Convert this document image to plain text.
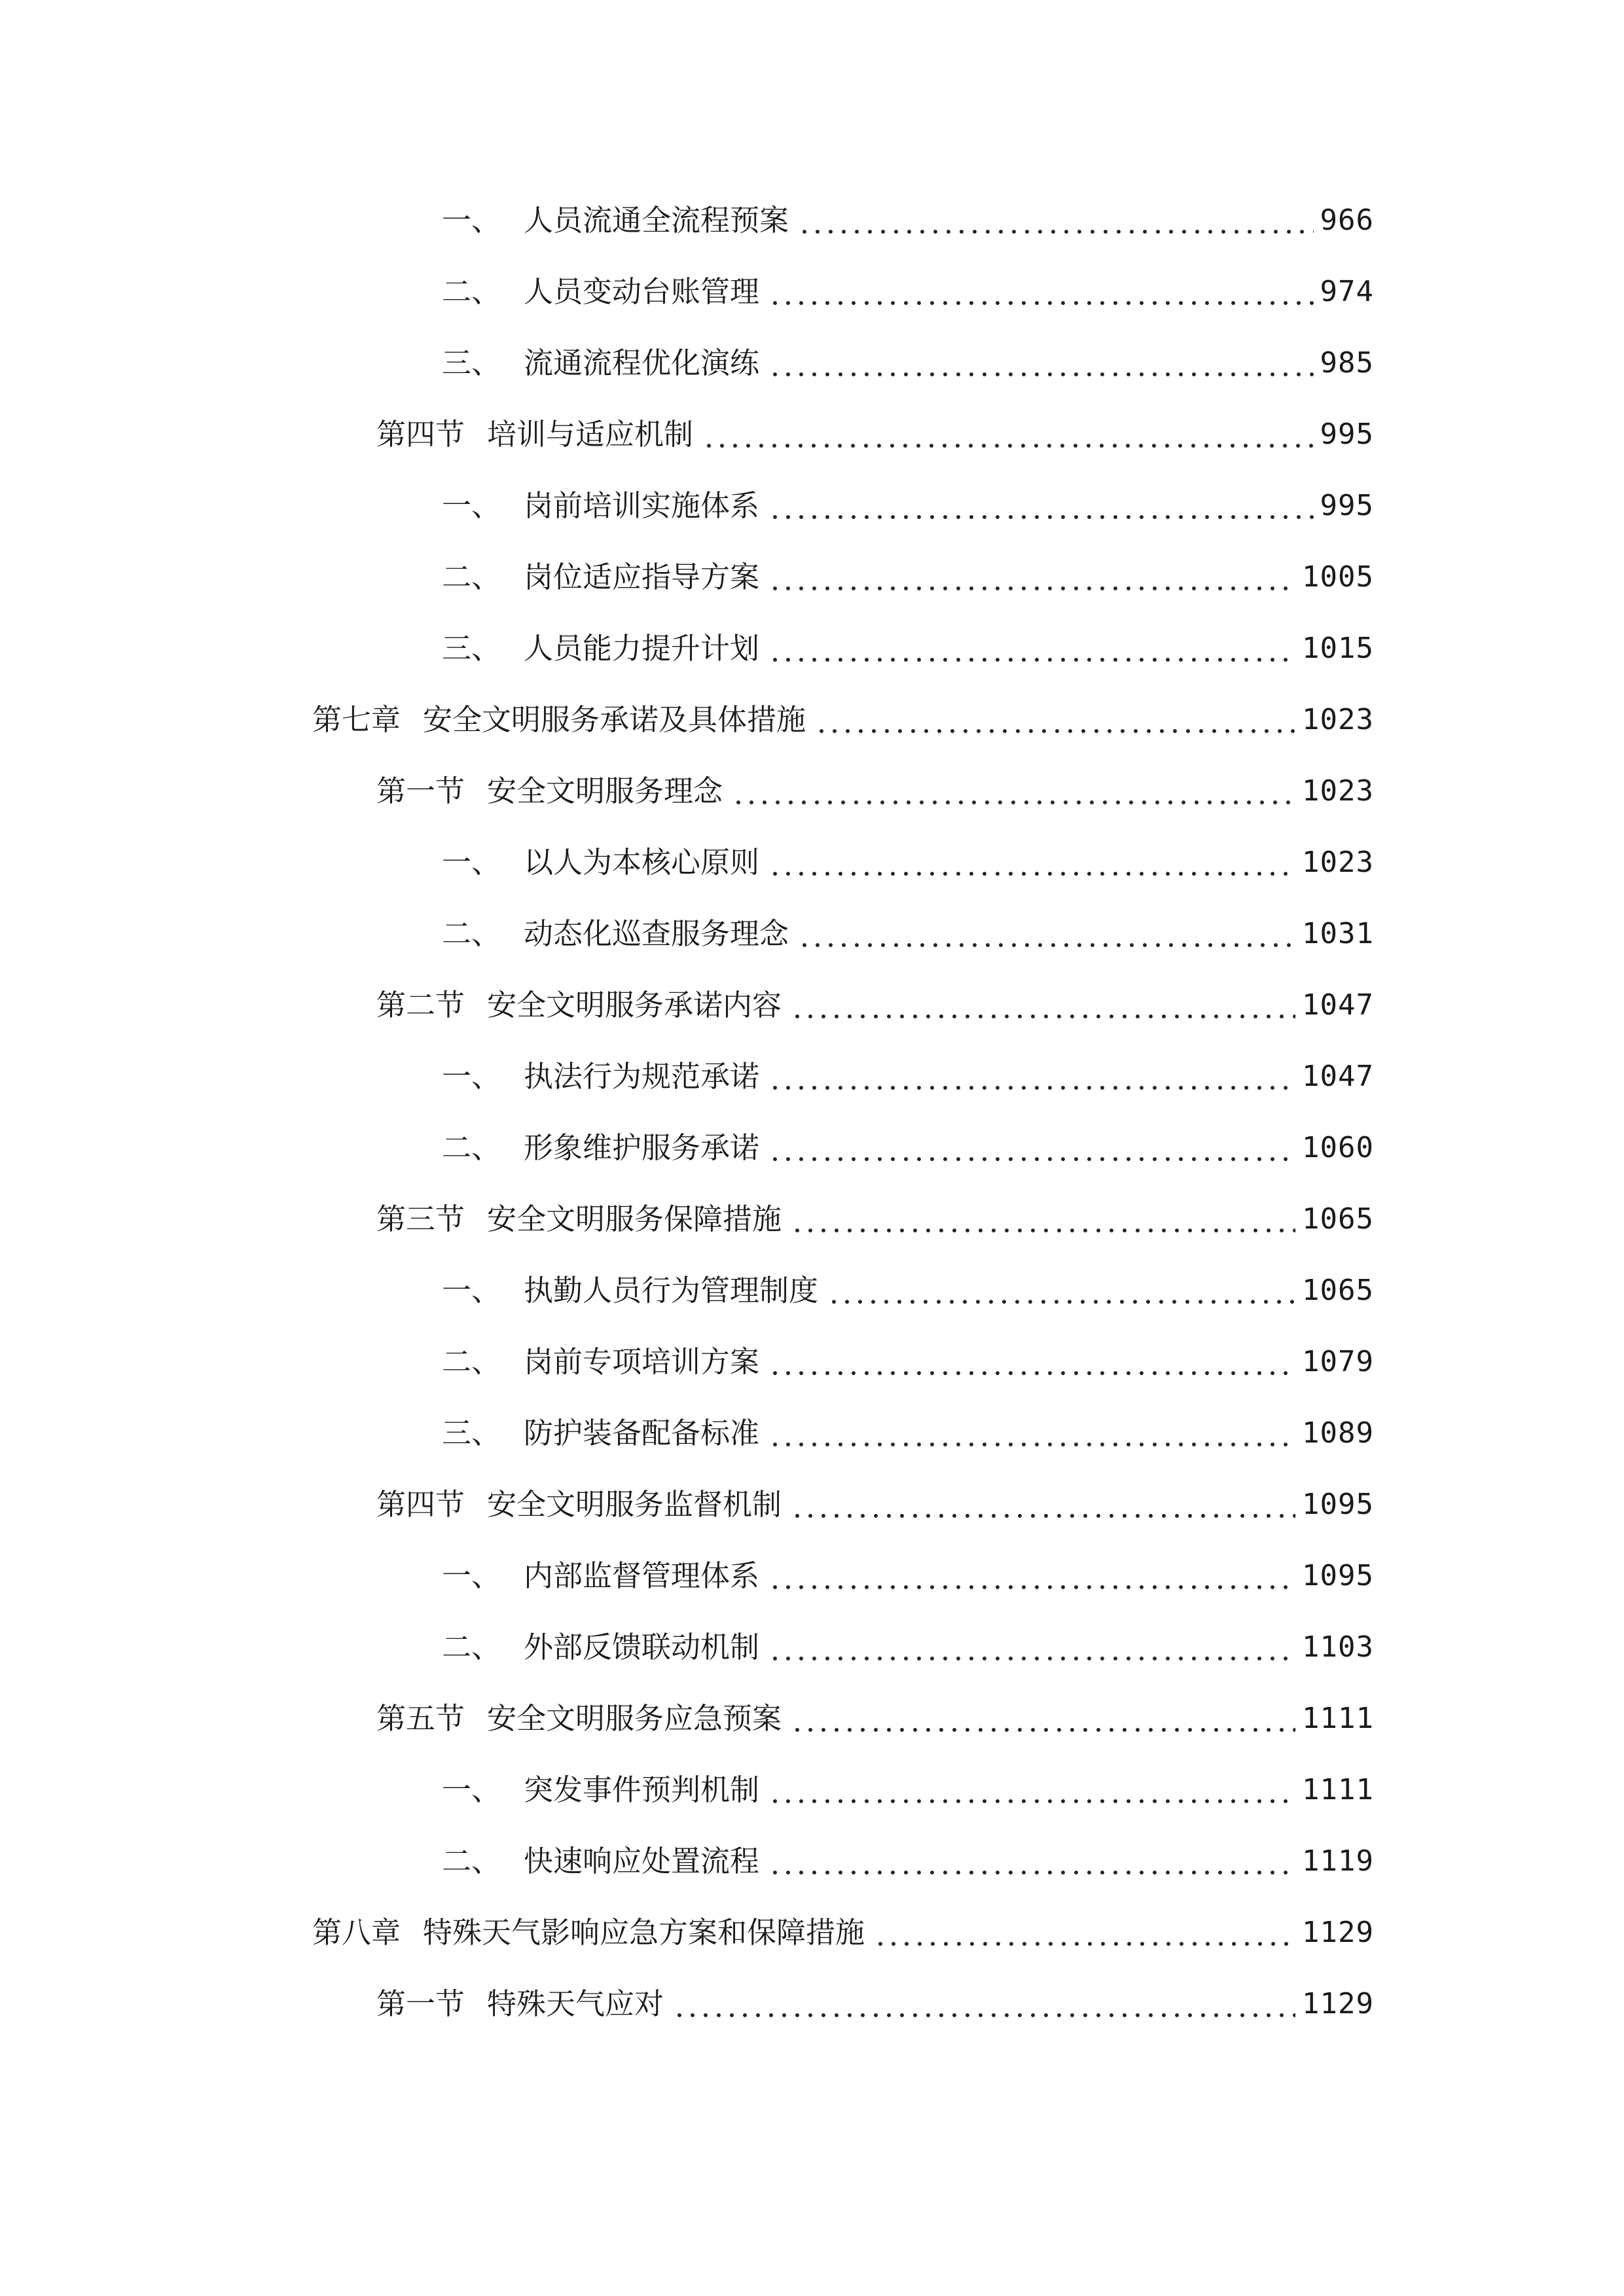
一、 人员流通全流程预案	966
二、 人员变动台账管理	974
三、 流通流程优化演练	985
第四节 培训与适应机制	995
一、 岗前培训实施体系	995
二、 岗位适应指导方案	1005
三、 人员能力提升计划	1015
第七章 安全文明服务承诺及具体措施	1023
第一节 安全文明服务理念	1023
一、 以人为本核心原则	1023
二、 动态化巡查服务理念	1031
第二节 安全文明服务承诺内容	1047
一、 执法行为规范承诺	1047
二、 形象维护服务承诺	1060
第三节 安全文明服务保障措施	1065
一、 执勤人员行为管理制度	1065
二、 岗前专项培训方案	1079
三、 防护装备配备标准	1089
第四节 安全文明服务监督机制	1095
一、 内部监督管理体系	1095
二、 外部反馈联动机制	1103
第五节 安全文明服务应急预案	1111
一、 突发事件预判机制	1111
二、 快速响应处置流程	1119
第八章 特殊天气影响应急方案和保障措施	1129
第一节 特殊天气应对	1129
